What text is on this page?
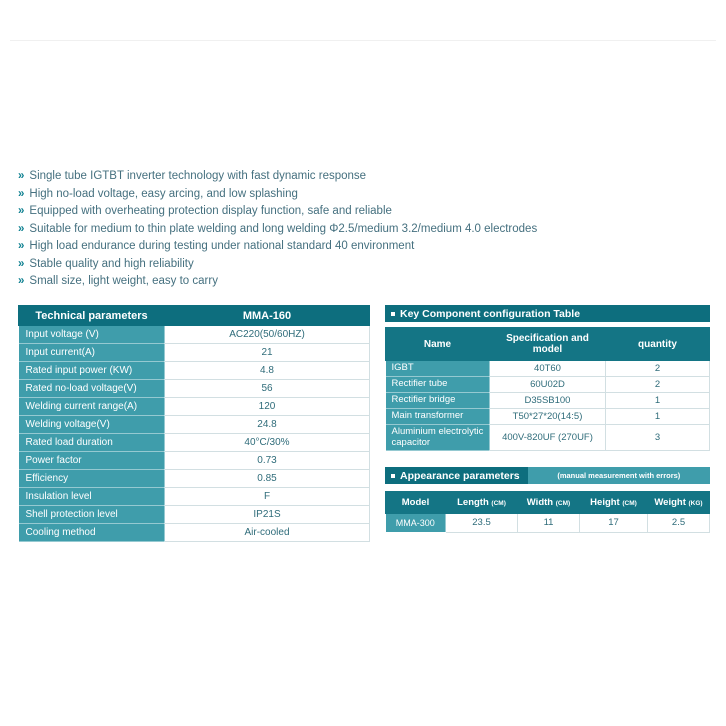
» Single tube IGTBT inverter technology with fast dynamic response
» High no-load voltage, easy arcing, and low splashing
» Equipped with overheating protection display function, safe and reliable
» Suitable for medium to thin plate welding and long welding Φ2.5/medium 3.2/medium 4.0 electrodes
» High load endurance during testing under national standard 40 environment
» Stable quality and high reliability
» Small size, light weight, easy to carry
Technical parameters	MMA-160
Input voltage (V)	AC220(50/60HZ)
Input current(A)	21
Rated input power (KW)	4.8
Rated no-load voltage(V)	56
Welding current range(A)	120
Welding voltage(V)	24.8
Rated load duration	40°C/30%
Power factor	0.73
Efficiency	0.85
Insulation level	F
Shell protection level	IP21S
Cooling method	Air-cooled
Key Component configuration Table
Name	Specification and model	quantity
IGBT	40T60	2
Rectifier tube	60U02D	2
Rectifier bridge	D35SB100	1
Main transformer	T50*27*20(14:5)	1
Aluminium electrolytic capacitor	400V-820UF (270UF)	3
Appearance parameters	(manual measurement with errors)
Model	Length (CM)	Width (CM)	Height (CM)	Weight (KG)
MMA-300	23.5	11	17	2.5
